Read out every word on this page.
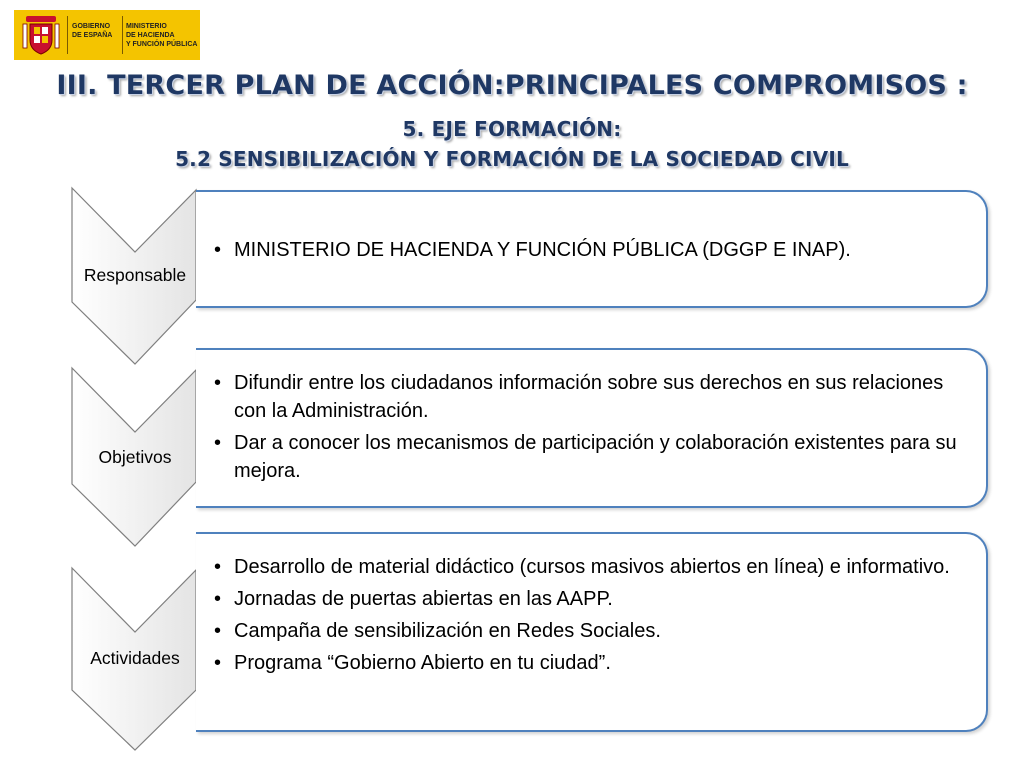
GOBIERNO
DE ESPAÑA
MINISTERIO
DE HACIENDA
Y FUNCIÓN PÚBLICA
III. TERCER PLAN DE ACCIÓN:PRINCIPALES COMPROMISOS :
5. EJE FORMACIÓN:
5.2 SENSIBILIZACIÓN Y FORMACIÓN DE LA SOCIEDAD CIVIL
Responsable
Objetivos
Actividades
• MINISTERIO DE HACIENDA Y FUNCIÓN PÚBLICA (DGGP E INAP).
• Difundir entre los ciudadanos información sobre sus derechos en sus relaciones con la Administración.
• Dar a conocer los mecanismos de participación y colaboración existentes para su mejora.
• Desarrollo de material didáctico (cursos masivos abiertos en línea) e informativo.
• Jornadas de puertas abiertas en las AAPP.
• Campaña de sensibilización en Redes Sociales.
• Programa “Gobierno Abierto en tu ciudad”.
